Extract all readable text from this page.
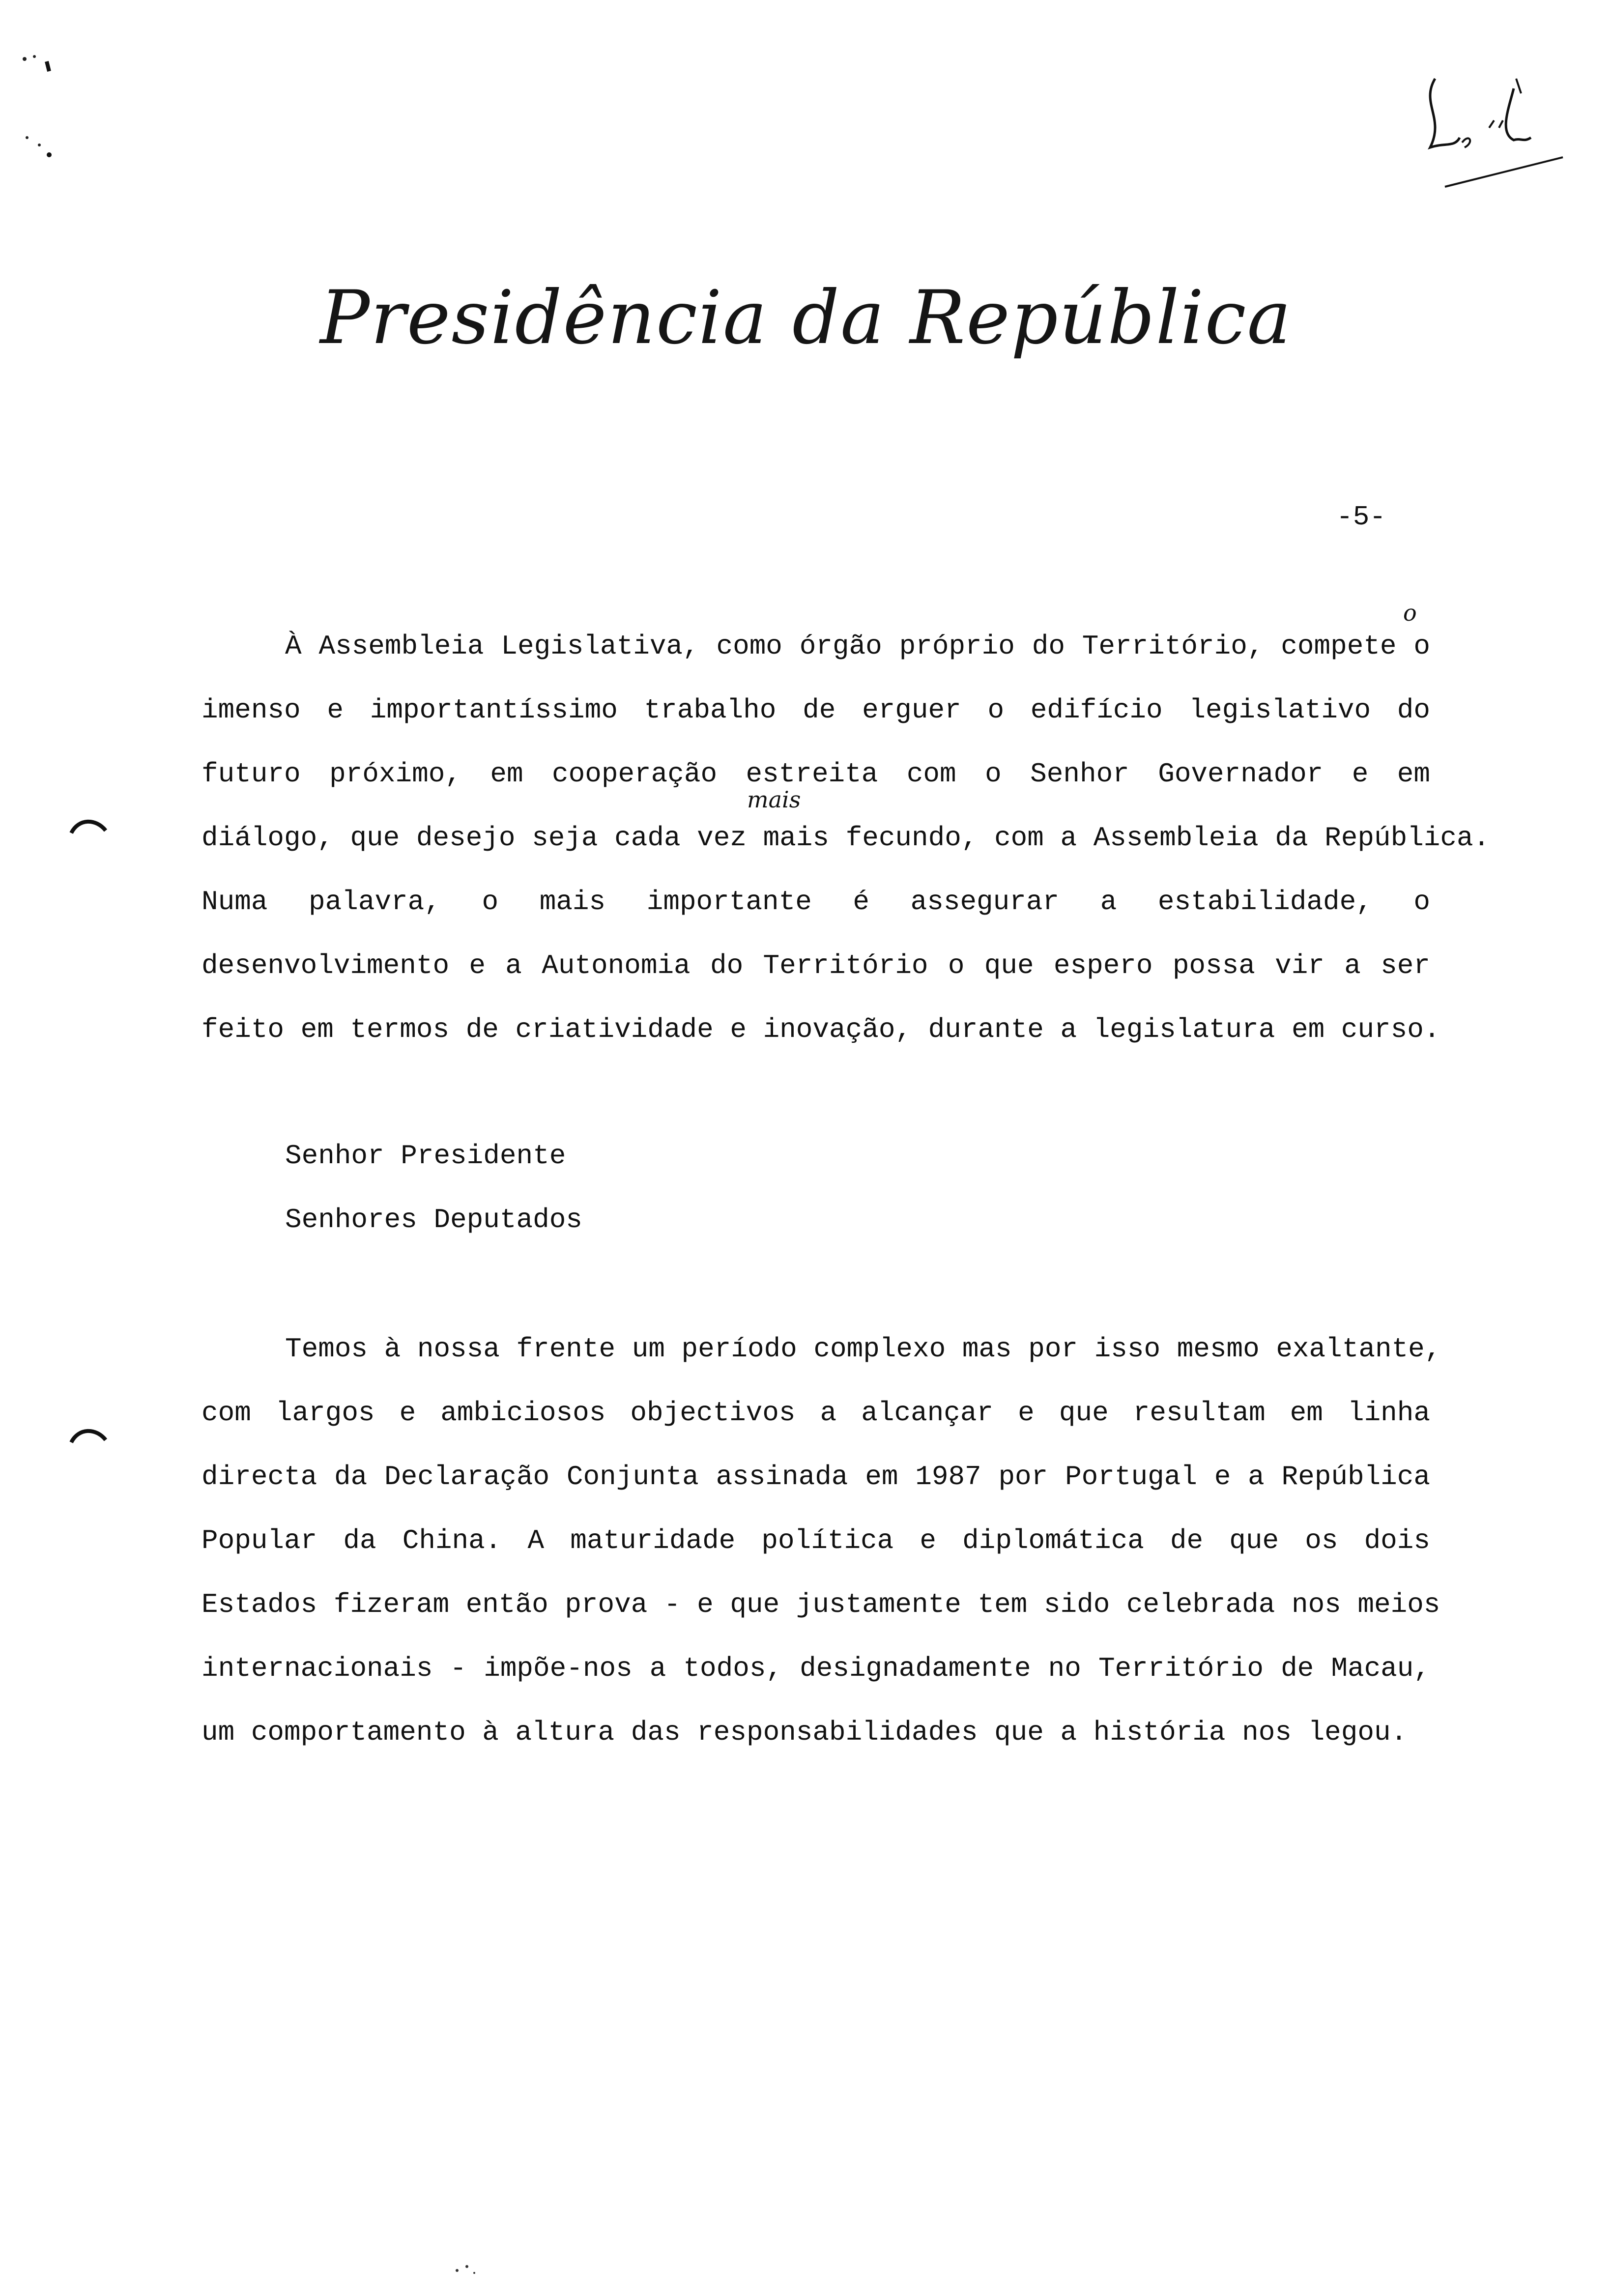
Presidência da República
-5-
o
mais
À Assembleia Legislativa, como órgão próprio do Território, compete o
imenso e importantíssimo trabalho de erguer o edifício legislativo do
futuro próximo, em cooperação estreita com o Senhor Governador e em
diálogo, que desejo seja cada vez mais fecundo, com a Assembleia da República.
Numa palavra, o mais importante é assegurar a estabilidade, o
desenvolvimento e a Autonomia do Território o que espero possa vir a ser
feito em termos de criatividade e inovação, durante a legislatura em curso.
Senhor Presidente
Senhores Deputados
Temos à nossa frente um período complexo mas por isso mesmo exaltante,
com largos e ambiciosos objectivos a alcançar e que resultam em linha
directa da Declaração Conjunta assinada em 1987 por Portugal e a República
Popular da China. A maturidade política e diplomática de que os dois
Estados fizeram então prova - e que justamente tem sido celebrada nos meios
internacionais - impõe-nos a todos, designadamente no Território de Macau,
um comportamento à altura das responsabilidades que a história nos legou.
